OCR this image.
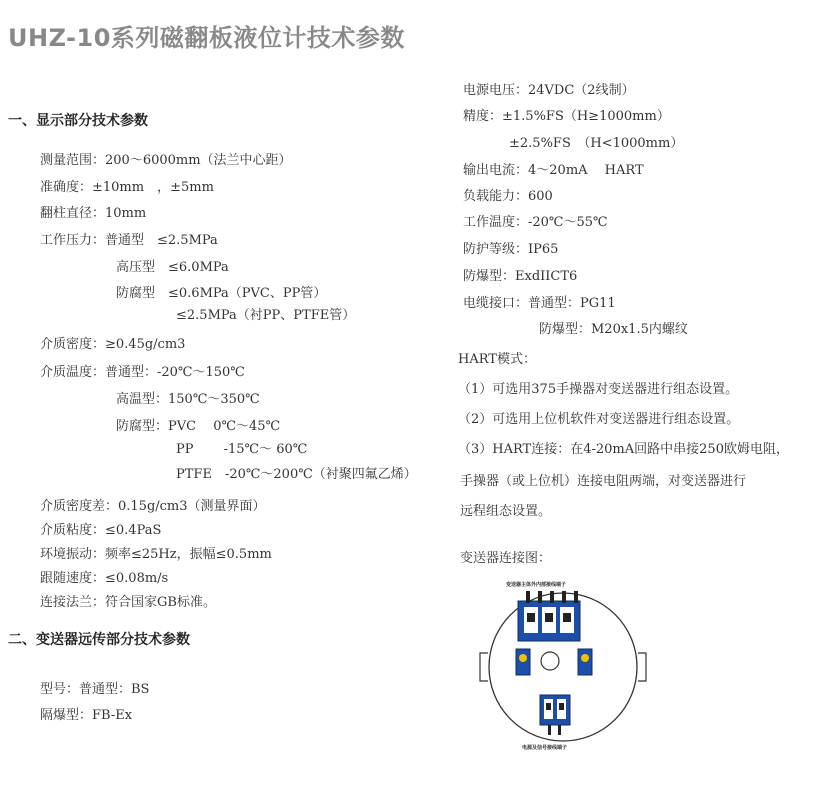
UHZ-10系列磁翻板液位计技术参数
一、显示部分技术参数
测量范围：200～6000mm（法兰中心距）
准确度：±10mm　，±5mm
翻柱直径：10mm
工作压力：普通型　≤2.5MPa
高压型　≤6.0MPa
防腐型　≤0.6MPa（PVC、PP管）
≤2.5MPa（衬PP、PTFE管）
介质密度：≥0.45g/cm3
介质温度：普通型：-20℃～150℃
高温型：150℃～350℃
防腐型：PVC　 0℃～45℃
PP　　 -15℃～ 60℃
PTFE　-20℃～200℃（衬聚四氟乙烯）
介质密度差：0.15g/cm3（测量界面）
介质粘度：≤0.4PaS
环境振动：频率≤25Hz，振幅≤0.5mm
跟随速度：≤0.08m/s
连接法兰：符合国家GB标准。
二、变送器远传部分技术参数
型号：普通型：BS
隔爆型：FB-Ex
电源电压：24VDC（2线制）
精度：±1.5%FS（H≥1000mm）
±2.5%FS　（H<1000mm）
输出电流：4～20mA　 HART
负载能力：600
工作温度：-20℃～55℃
防护等级：IP65
防爆型：ExdIICT6
电缆接口：普通型：PG11
防爆型：M20x1.5内螺纹
HART模式：
（1）可选用375手操器对变送器进行组态设置。
（2）可选用上位机软件对变送器进行组态设置。
（3）HART连接：在4-20mA回路中串接250欧姆电阻，
手操器（或上位机）连接电阻两端，对变送器进行
远程组态设置。
变送器连接图：
变送器主体外内部接线端子
电源及信号接线端子
